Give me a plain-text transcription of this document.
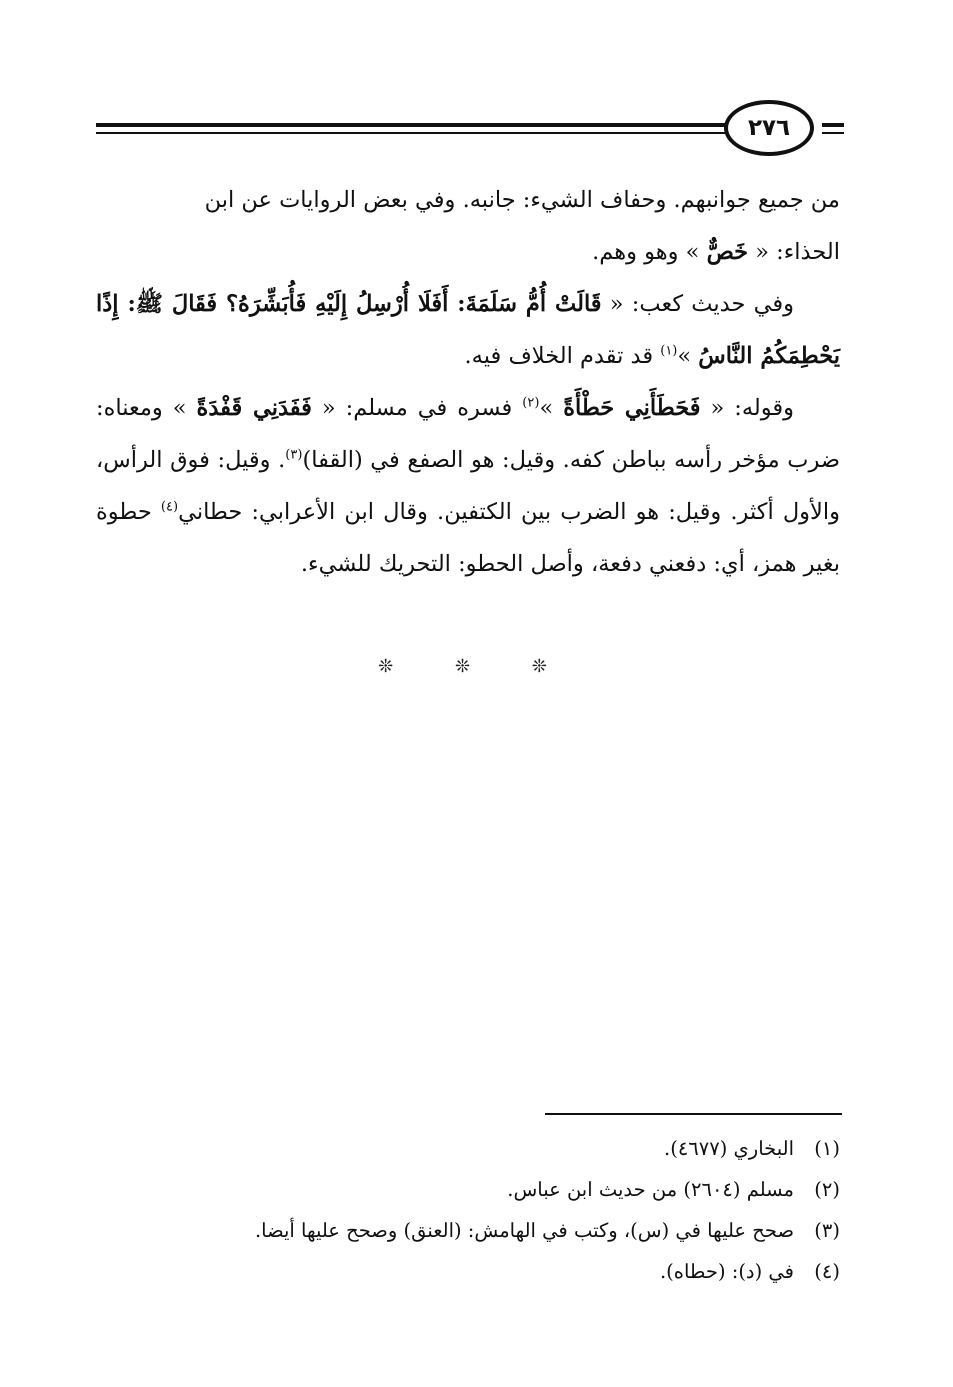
٢٧٦

من جميع جوانبهم. وحفاف الشيء: جانبه. وفي بعض الروايات عن ابن
الحذاء: « خَصٌّ » وهو وهم.

وفي حديث كعب: « قَالَتْ أُمُّ سَلَمَةَ: أَفَلَا أُرْسِلُ إِلَيْهِ فَأُبَشِّرَهُ؟ فَقَالَ ﷺ: إِذًا يَحْطِمَكُمُ النَّاسُ »$^{(١)}$ قد تقدم الخلاف فيه.

وقوله: « فَحَطَأَنِي حَطْأَةً »$^{(٢)}$ فسره في مسلم: « فَفَدَنِي قَفْدَةً » ومعناه: ضرب مؤخر رأسه بباطن كفه. وقيل: هو الصفع في (القفا)$^{(٣)}$. وقيل: فوق الرأس، والأول أكثر. وقيل: هو الضرب بين الكتفين. وقال ابن الأعرابي: حطاني$^{(٤)}$ حطوة بغير همز، أي: دفعني دفعة، وأصل الحطو: التحريك للشيء.

❊ ❊ ❊
(١)البخاري (٤٦٧٧).
(٢)مسلم (٢٦٠٤) من حديث ابن عباس.
(٣)صحح عليها في (س)، وكتب في الهامش: (العنق) وصحح عليها أيضا.
(٤)في (د): (حطاه).
